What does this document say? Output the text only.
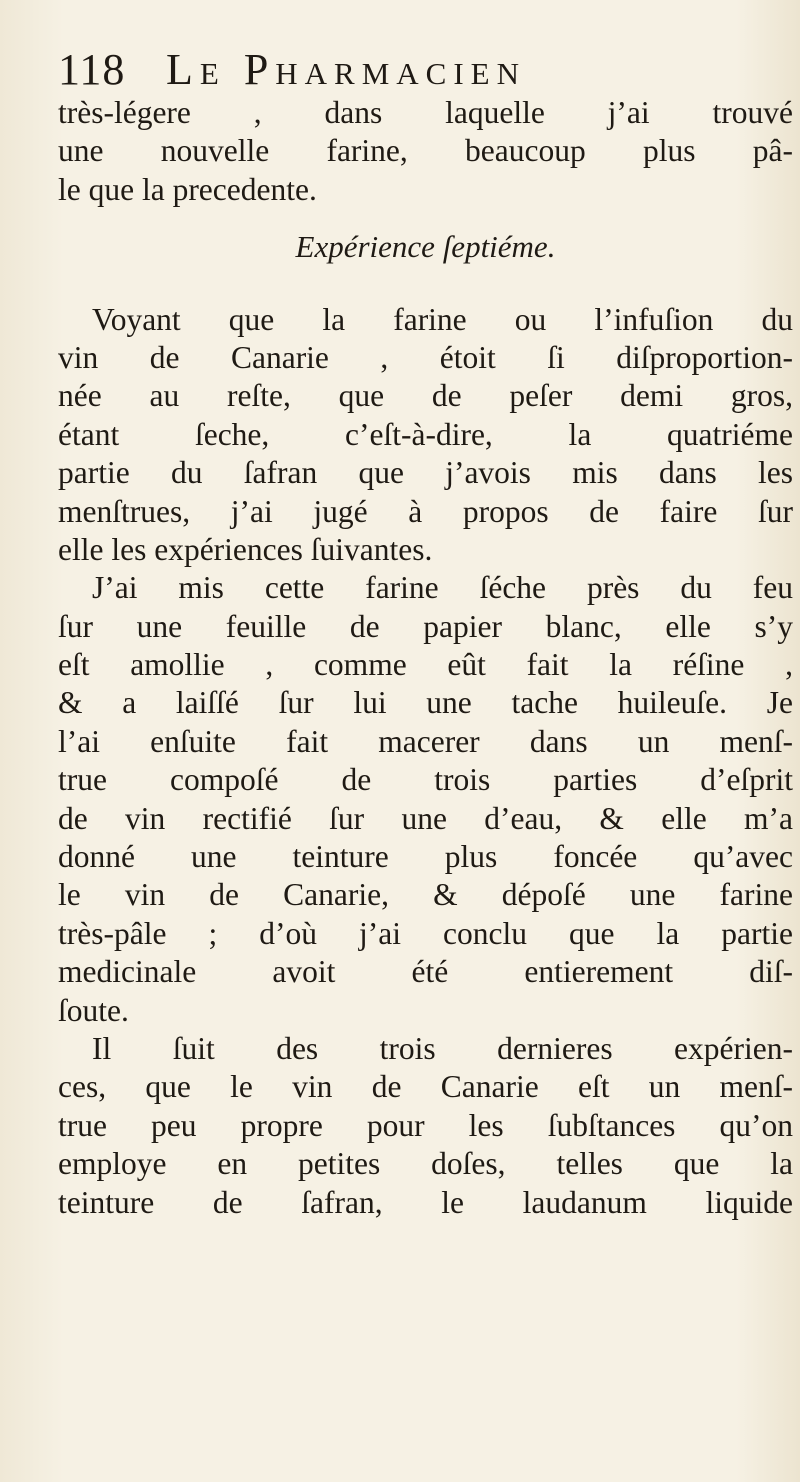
118 Le Pharmacien
très-légere , dans laquelle j’ai trouvé
une nouvelle farine, beaucoup plus pâ-
le que la precedente.
Expérience ſeptiéme.
Voyant que la farine ou l’infuſion du
vin de Canarie , étoit ſi diſproportion-
née au reſte, que de peſer demi gros,
étant ſeche, c’eſt-à-dire, la quatriéme
partie du ſafran que j’avois mis dans les
menſtrues, j’ai jugé à propos de faire ſur
elle les expériences ſuivantes.
J’ai mis cette farine ſéche près du feu
ſur une feuille de papier blanc, elle s’y
eſt amollie , comme eût fait la réſine ,
& a laiſſé ſur lui une tache huileuſe. Je
l’ai enſuite fait macerer dans un menſ-
true compoſé de trois parties d’eſprit
de vin rectifié ſur une d’eau, & elle m’a
donné une teinture plus foncée qu’avec
le vin de Canarie, & dépoſé une farine
très-pâle ; d’où j’ai conclu que la partie
medicinale avoit été entierement diſ-
ſoute.
Il ſuit des trois dernieres expérien-
ces, que le vin de Canarie eſt un menſ-
true peu propre pour les ſubſtances qu’on
employe en petites doſes, telles que la
teinture de ſafran, le laudanum liquide
